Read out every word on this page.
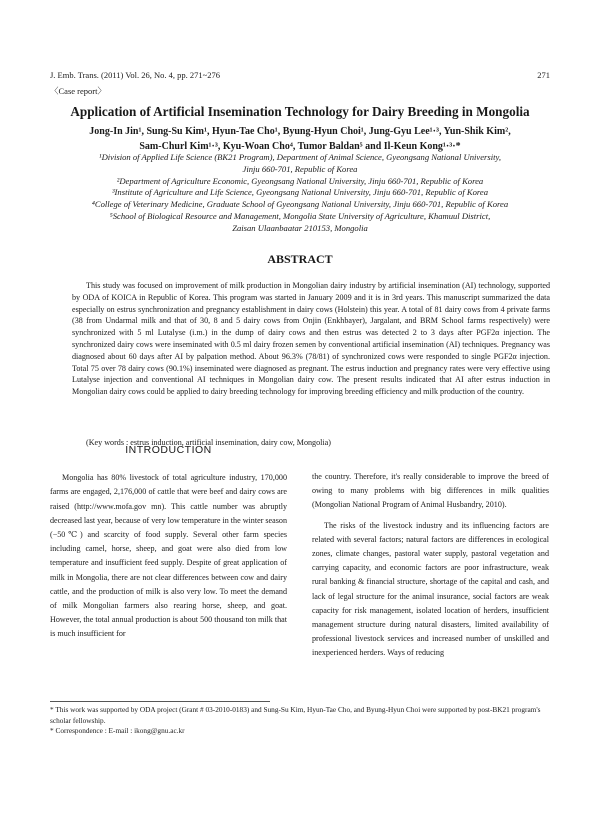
J. Emb. Trans. (2011) Vol. 26, No. 4, pp. 271~276	271
〈Case report〉
Application of Artificial Insemination Technology for Dairy Breeding in Mongolia
Jong-In Jin¹, Sung-Su Kim¹, Hyun-Tae Cho¹, Byung-Hyun Choi¹, Jung-Gyu Lee¹·³, Yun-Shik Kim²,
Sam-Churl Kim¹·³, Kyu-Woan Cho⁴, Tumor Baldan⁵ and Il-Keun Kong¹·³·*

¹Division of Applied Life Science (BK21 Program), Department of Animal Science, Gyeongsang National University,

Jinju 660-701, Republic of Korea

²Department of Agriculture Economic, Gyeongsang National University, Jinju 660-701, Republic of Korea

³Institute of Agriculture and Life Science, Gyeongsang National University, Jinju 660-701, Republic of Korea

⁴College of Veterinary Medicine, Graduate School of Gyeongsang National University, Jinju 660-701, Republic of Korea

⁵School of Biological Resource and Management, Mongolia State University of Agriculture, Khamuul District,

Zaisan Ulaanbaatar 210153, Mongolia

ABSTRACT

This study was focused on improvement of milk production in Mongolian dairy industry by artificial insemination (AI) technology, supported by ODA of KOICA in Republic of Korea. This program was started in January 2009 and it is in 3rd years. This manuscript summarized the data especially on estrus synchronization and pregnancy establishment in dairy cows (Holstein) this year. A total of 81 dairy cows from 4 private farms (38 from Undarmal milk and that of 30, 8 and 5 dairy cows from Onjin (Enkhbayer), Jargalant, and BRM School farms respectively) were synchronized with 5 ml Lutalyse (i.m.) in the dump of dairy cows and then estrus was detected 2 to 3 days after PGF2α injection. The synchronized dairy cows were inseminated with 0.5 ml dairy frozen semen by conventional artificial insemination (AI) techniques. Pregnancy was diagnosed about 60 days after AI by palpation method. About 96.3% (78/81) of synchronized cows were responded to single PGF2α injection. Total 75 over 78 dairy cows (90.1%) inseminated were diagnosed as pregnant. The estrus induction and pregnancy rates were very effective using Lutalyse injection and conventional AI techniques in Mongolian dairy cow. The present results indicated that AI after estrus induction in Mongolian dairy cows could be applied to dairy breeding technology for improving breeding efficiency and milk production of the country.

(Key words : estrus induction, artificial insemination, dairy cow, Mongolia)
INTRODUCTION

Mongolia has 80% livestock of total agriculture industry, 170,000 farms are engaged, 2,176,000 of cattle that were beef and dairy cows are raised (http://www.mofa.gov mn). This cattle number was abruptly decreased last year, because of very low temperature in the winter season (−50℃) and scarcity of food supply. Several other farm species including camel, horse, sheep, and goat were also died from low temperature and insufficient feed supply. Despite of great application of milk in Mongolia, there are not clear differences between cow and dairy cattle, and the production of milk is also very low. To meet the demand of milk Mongolian farmers also rearing horse, sheep, and goat. However, the total annual production is about 500 thousand ton milk that is much insufficient for

the country. Therefore, it's really considerable to improve the breed of owing to many problems with big differences in milk qualities (Mongolian National Program of Animal Husbandry, 2010).

The risks of the livestock industry and its influencing factors are related with several factors; natural factors are differences in ecological zones, climate changes, pastoral water supply, pastoral vegetation and carrying capacity, and economic factors are poor infrastructure, weak rural banking & financial structure, shortage of the capital and cash, and lack of legal structure for the animal insurance, social factors are weak capacity for risk management, isolated location of herders, insufficient management structure during natural disasters, limited availability of professional livestock services and increased number of unskilled and inexperienced herders. Ways of reducing

* This work was supported by ODA project (Grant # 03-2010-0183) and Sung-Su Kim, Hyun-Tae Cho, and Byung-Hyun Choi were supported by post-BK21 program's scholar fellowship.

* Correspondence : E-mail : ikong@gnu.ac.kr
